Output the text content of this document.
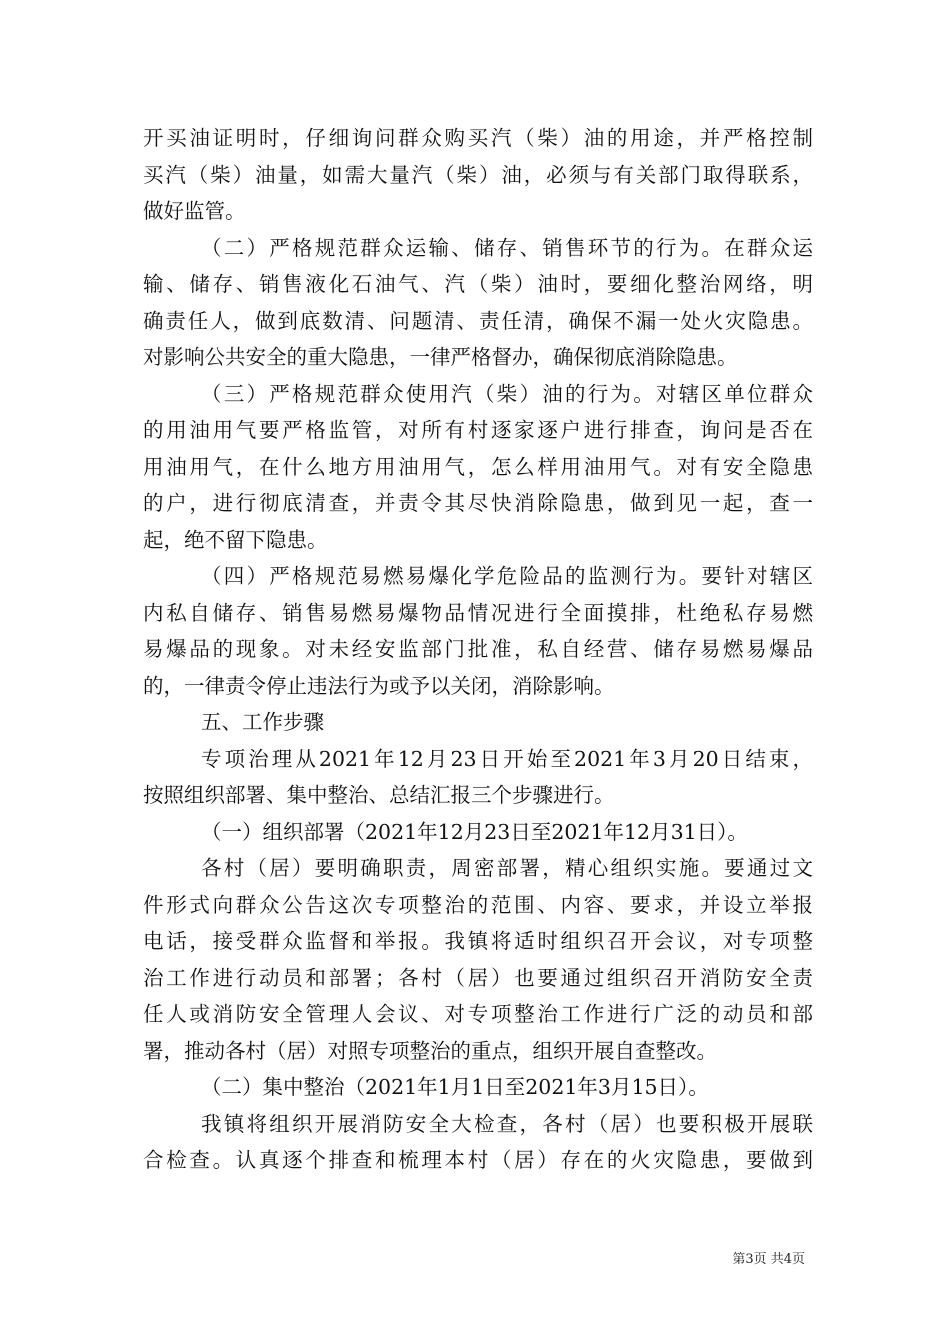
开买油证明时，仔细询问群众购买汽（柴）油的用途，并严格控制
买汽（柴）油量，如需大量汽（柴）油，必须与有关部门取得联系，
做好监管。
（二）严格规范群众运输、储存、销售环节的行为。在群众运
输、储存、销售液化石油气、汽（柴）油时，要细化整治网络，明
确责任人，做到底数清、问题清、责任清，确保不漏一处火灾隐患。
对影响公共安全的重大隐患，一律严格督办，确保彻底消除隐患。
（三）严格规范群众使用汽（柴）油的行为。对辖区单位群众
的用油用气要严格监管，对所有村逐家逐户进行排查，询问是否在
用油用气，在什么地方用油用气，怎么样用油用气。对有安全隐患
的户，进行彻底清查，并责令其尽快消除隐患，做到见一起，查一
起，绝不留下隐患。
（四）严格规范易燃易爆化学危险品的监测行为。要针对辖区
内私自储存、销售易燃易爆物品情况进行全面摸排，杜绝私存易燃
易爆品的现象。对未经安监部门批准，私自经营、储存易燃易爆品
的，一律责令停止违法行为或予以关闭，消除影响。
五、工作步骤
专项治理从2021年12月23日开始至2021年3月20日结束，
按照组织部署、集中整治、总结汇报三个步骤进行。
（一）组织部署（2021年12月23日至2021年12月31日）。
各村（居）要明确职责，周密部署，精心组织实施。要通过文
件形式向群众公告这次专项整治的范围、内容、要求，并设立举报
电话，接受群众监督和举报。我镇将适时组织召开会议，对专项整
治工作进行动员和部署；各村（居）也要通过组织召开消防安全责
任人或消防安全管理人会议、对专项整治工作进行广泛的动员和部
署，推动各村（居）对照专项整治的重点，组织开展自查整改。
（二）集中整治（2021年1月1日至2021年3月15日）。
我镇将组织开展消防安全大检查，各村（居）也要积极开展联
合检查。认真逐个排查和梳理本村（居）存在的火灾隐患，要做到
第3页 共4页
